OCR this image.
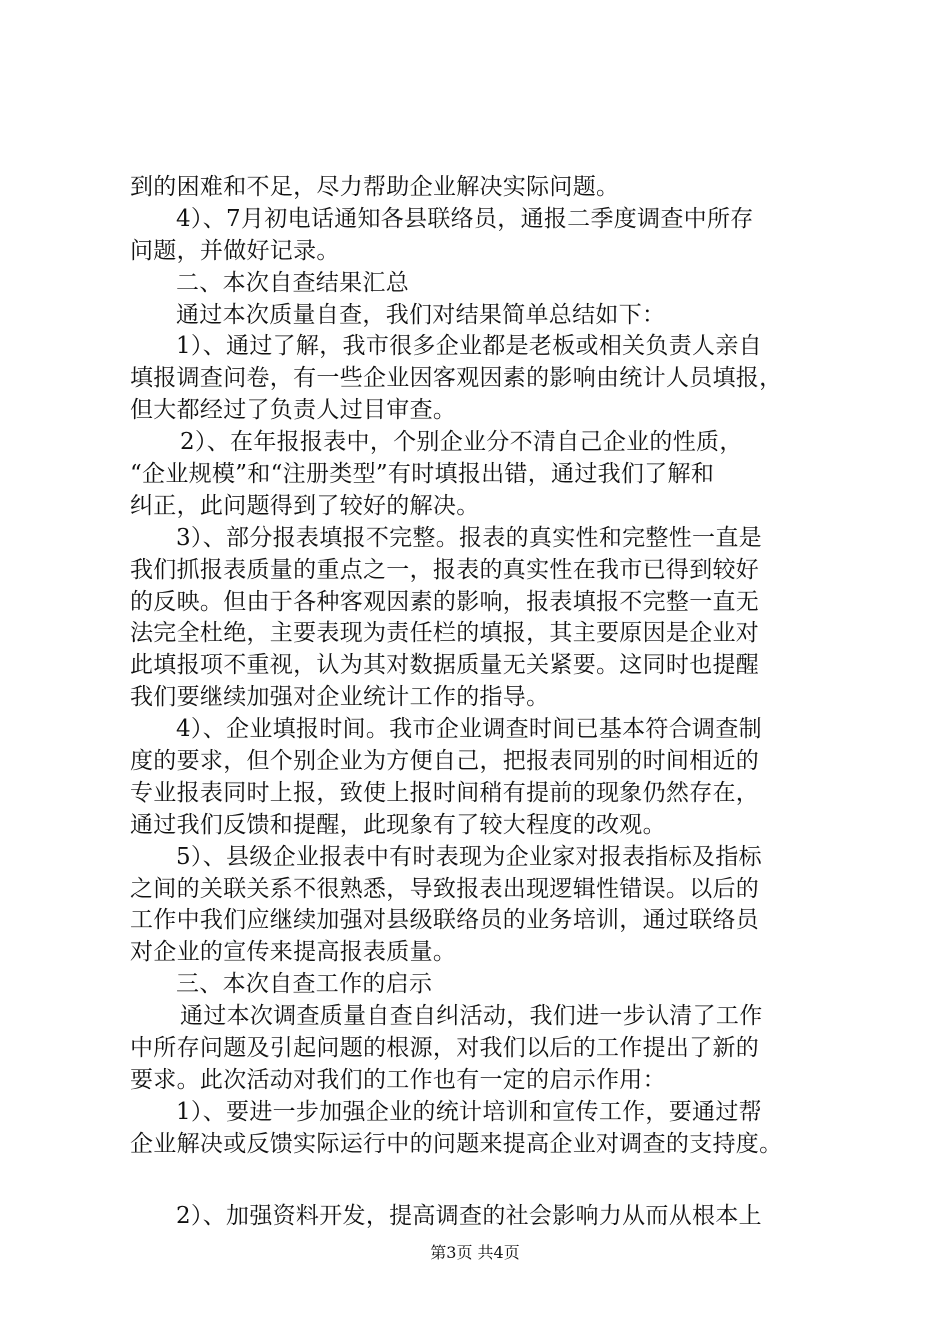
到的困难和不足，尽力帮助企业解决实际问题。
4）、7月初电话通知各县联络员，通报二季度调查中所存
问题，并做好记录。
二、本次自查结果汇总
通过本次质量自查，我们对结果简单总结如下：
1）、通过了解，我市很多企业都是老板或相关负责人亲自
填报调查问卷，有一些企业因客观因素的影响由统计人员填报，
但大都经过了负责人过目审查。
2）、在年报报表中，个别企业分不清自己企业的性质，
“企业规模”和“注册类型”有时填报出错，通过我们了解和
纠正，此问题得到了较好的解决。
3）、部分报表填报不完整。报表的真实性和完整性一直是
我们抓报表质量的重点之一，报表的真实性在我市已得到较好
的反映。但由于各种客观因素的影响，报表填报不完整一直无
法完全杜绝，主要表现为责任栏的填报，其主要原因是企业对
此填报项不重视，认为其对数据质量无关紧要。这同时也提醒
我们要继续加强对企业统计工作的指导。
4）、企业填报时间。我市企业调查时间已基本符合调查制
度的要求，但个别企业为方便自己，把报表同别的时间相近的
专业报表同时上报，致使上报时间稍有提前的现象仍然存在，
通过我们反馈和提醒，此现象有了较大程度的改观。
5）、县级企业报表中有时表现为企业家对报表指标及指标
之间的关联关系不很熟悉，导致报表出现逻辑性错误。以后的
工作中我们应继续加强对县级联络员的业务培训，通过联络员
对企业的宣传来提高报表质量。
三、本次自查工作的启示
通过本次调查质量自查自纠活动，我们进一步认清了工作
中所存问题及引起问题的根源，对我们以后的工作提出了新的
要求。此次活动对我们的工作也有一定的启示作用：
1）、要进一步加强企业的统计培训和宣传工作，要通过帮
企业解决或反馈实际运行中的问题来提高企业对调查的支持度。
2）、加强资料开发，提高调查的社会影响力从而从根本上
第3页 共4页
